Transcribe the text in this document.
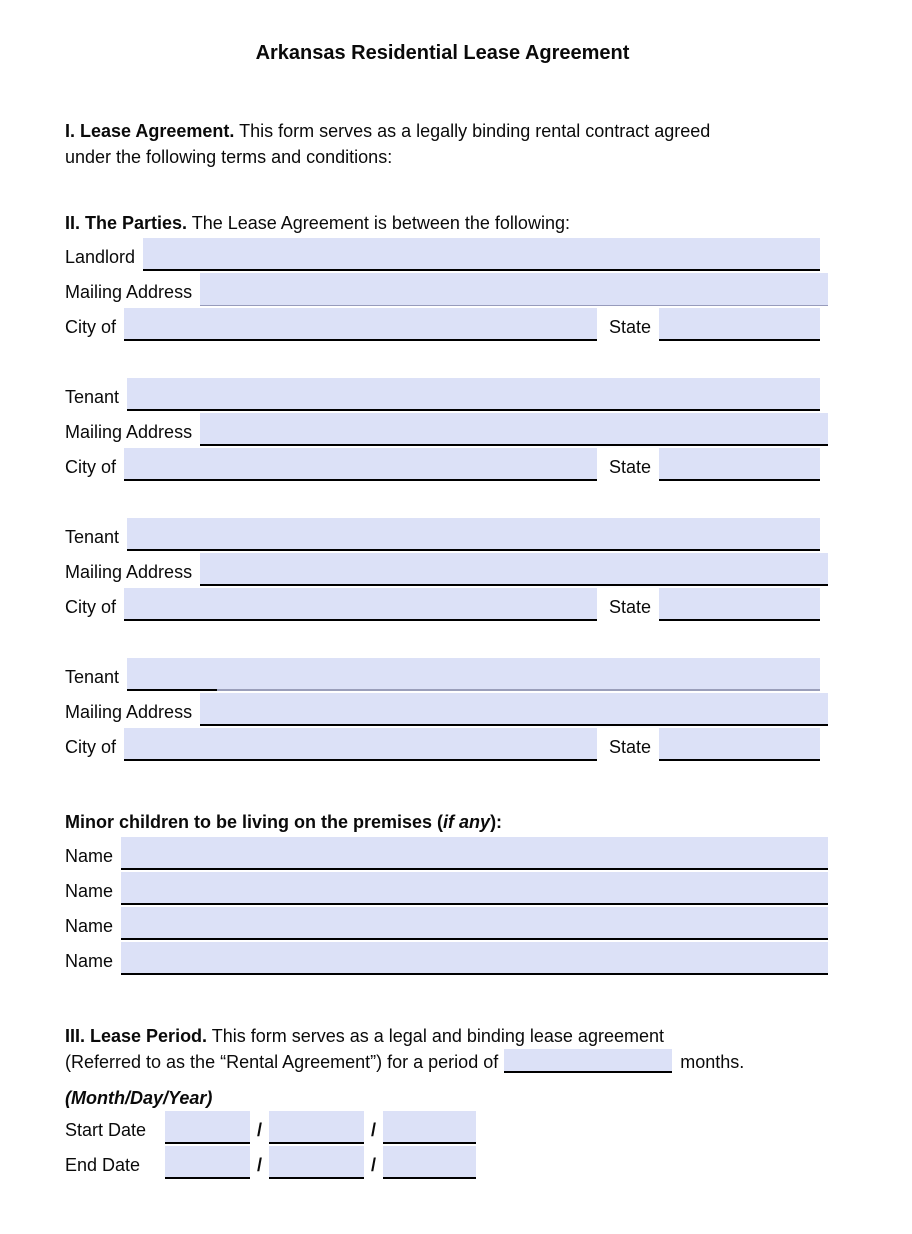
Arkansas Residential Lease Agreement

I. Lease Agreement. This form serves as a legally binding rental contract agreed
under the following terms and conditions:

II. The Parties. The Lease Agreement is between the following:

Landlord
Mailing Address
City of	State
Tenant
Mailing Address
City of	State
Tenant
Mailing Address
City of	State
Tenant
Mailing Address
City of	State
Minor children to be living on the premises (if any):
Name
Name
Name
Name

III. Lease Period. This form serves as a legal and binding lease agreement
(Referred to as the “Rental Agreement”) for a period of	months.

(Month/Day/Year)
Start Date	/	/
End Date	/	/
